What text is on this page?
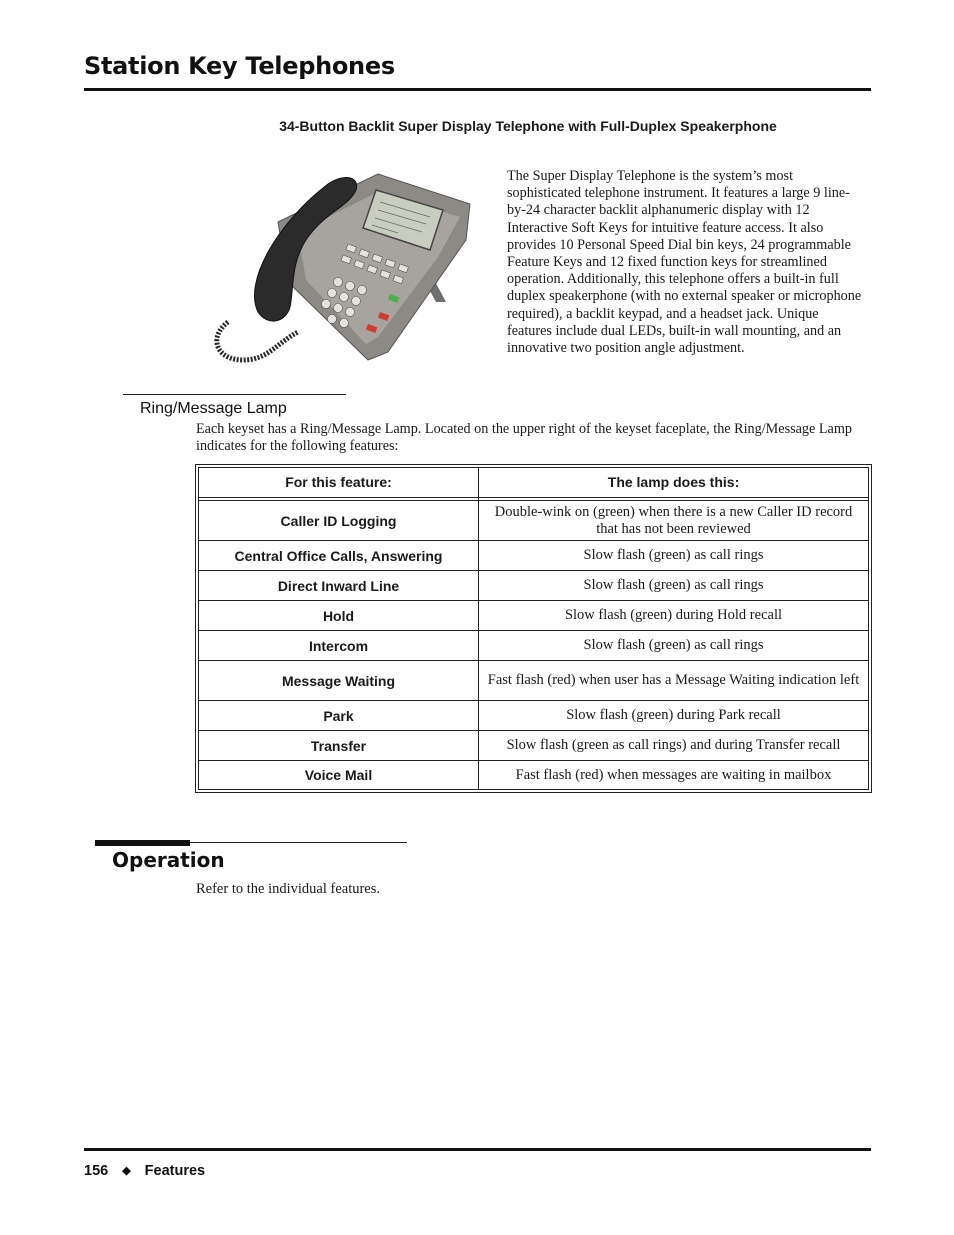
Station Key Telephones
34-Button Backlit Super Display Telephone with Full-Duplex Speakerphone
The Super Display Telephone is the system’s most sophisticated telephone instrument. It features a large 9 line-by-24 character backlit alphanumeric display with 12 Interactive Soft Keys for intuitive feature access. It also provides 10 Personal Speed Dial bin keys, 24 programmable Feature Keys and 12 fixed function keys for streamlined operation. Additionally, this telephone offers a built-in full duplex speakerphone (with no external speaker or microphone required), a backlit keypad, and a headset jack. Unique features include dual LEDs, built-in wall mounting, and an innovative two position angle adjustment.
Ring/Message Lamp
Each keyset has a Ring/Message Lamp. Located on the upper right of the keyset faceplate, the Ring/Message Lamp indicates for the following features:
For this feature:	The lamp does this:

Caller ID Logging	Double-wink on (green) when there is a new Caller ID record that has not been reviewed
Central Office Calls, Answering	Slow flash (green) as call rings
Direct Inward Line	Slow flash (green) as call rings
Hold	Slow flash (green) during Hold recall
Intercom	Slow flash (green) as call rings
Message Waiting	Fast flash (red) when user has a Message Waiting indication left
Park	Slow flash (green) during Park recall
Transfer	Slow flash (green as call rings) and during Transfer recall
Voice Mail	Fast flash (red) when messages are waiting in mailbox
Operation
Refer to the individual features.
156 ◆ Features
